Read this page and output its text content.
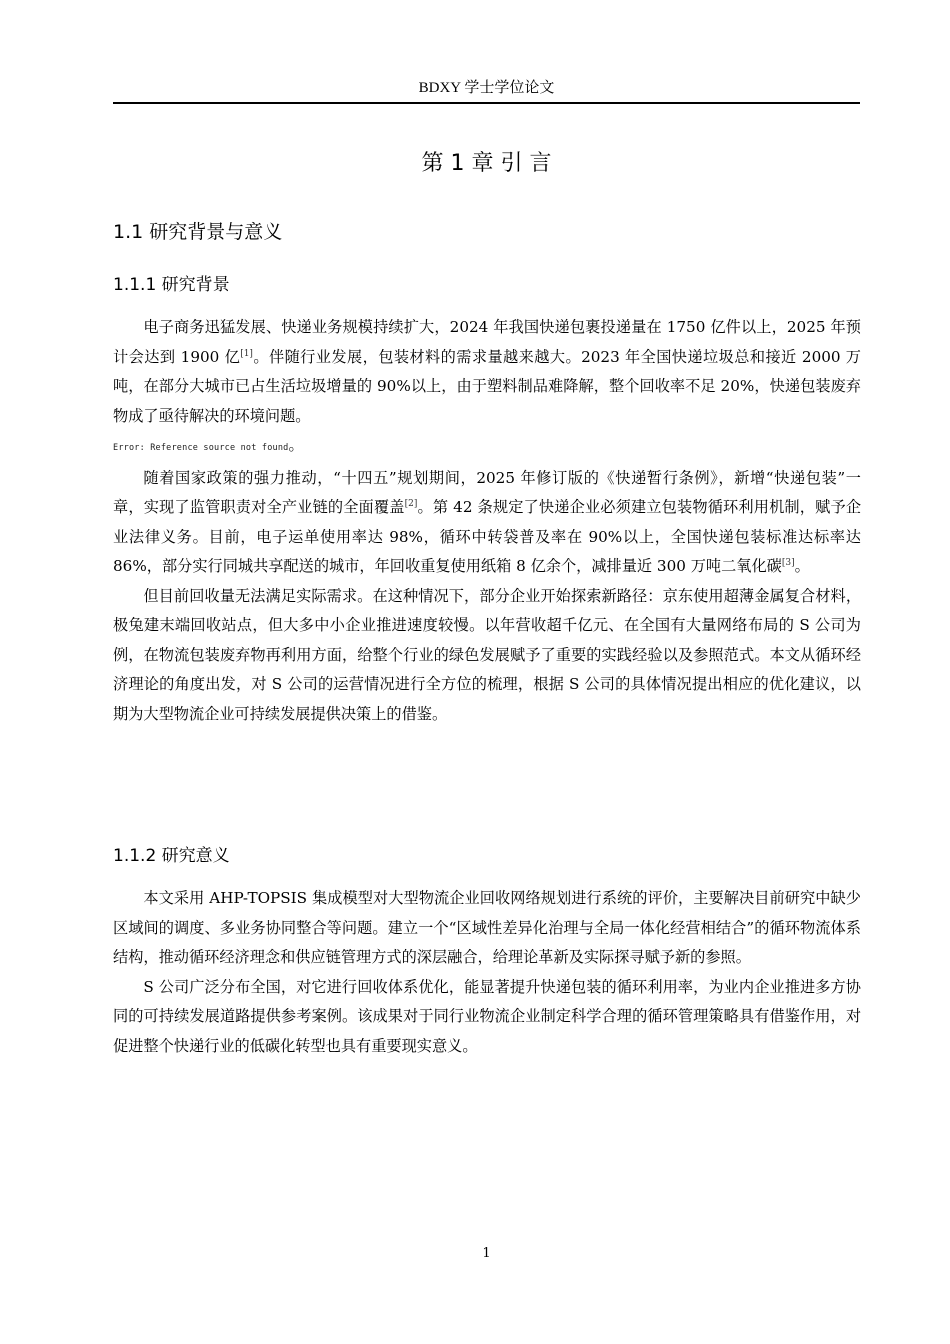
BDXY 学士学位论文
第 1 章 引 言
1.1 研究背景与意义
1.1.1 研究背景

电子商务迅猛发展、快递业务规模持续扩大，2024 年我国快递包裹投递量在 1750 亿件以上，2025 年预计会达到 1900 亿[1]。伴随行业发展，包装材料的需求量越来越大。2023 年全国快递垃圾总和接近 2000 万吨，在部分大城市已占生活垃圾增量的 90%以上，由于塑料制品难降解，整个回收率不足 20%，快递包装废弃物成了亟待解决的环境问题。
Error: Reference source not found。

随着国家政策的强力推动，“十四五”规划期间，2025 年修订版的《快递暂行条例》，新增“快递包装”一章，实现了监管职责对全产业链的全面覆盖[2]。第 42 条规定了快递企业必须建立包装物循环利用机制，赋予企业法律义务。目前，电子运单使用率达 98%，循环中转袋普及率在 90%以上，全国快递包装标准达标率达 86%，部分实行同城共享配送的城市，年回收重复使用纸箱 8 亿余个，减排量近 300 万吨二氧化碳[3]。

但目前回收量无法满足实际需求。在这种情况下，部分企业开始探索新路径：京东使用超薄金属复合材料，极兔建末端回收站点，但大多中小企业推进速度较慢。以年营收超千亿元、在全国有大量网络布局的 S 公司为例，在物流包装废弃物再利用方面，给整个行业的绿色发展赋予了重要的实践经验以及参照范式。本文从循环经济理论的角度出发，对 S 公司的运营情况进行全方位的梳理，根据 S 公司的具体情况提出相应的优化建议，以期为大型物流企业可持续发展提供决策上的借鉴。

1.1.2 研究意义

本文采用 AHP-TOPSIS 集成模型对大型物流企业回收网络规划进行系统的评价，主要解决目前研究中缺少区域间的调度、多业务协同整合等问题。建立一个“区域性差异化治理与全局一体化经营相结合”的循环物流体系结构，推动循环经济理念和供应链管理方式的深层融合，给理论革新及实际探寻赋予新的参照。

S 公司广泛分布全国，对它进行回收体系优化，能显著提升快递包装的循环利用率，为业内企业推进多方协同的可持续发展道路提供参考案例。该成果对于同行业物流企业制定科学合理的循环管理策略具有借鉴作用，对促进整个快递行业的低碳化转型也具有重要现实意义。

1
